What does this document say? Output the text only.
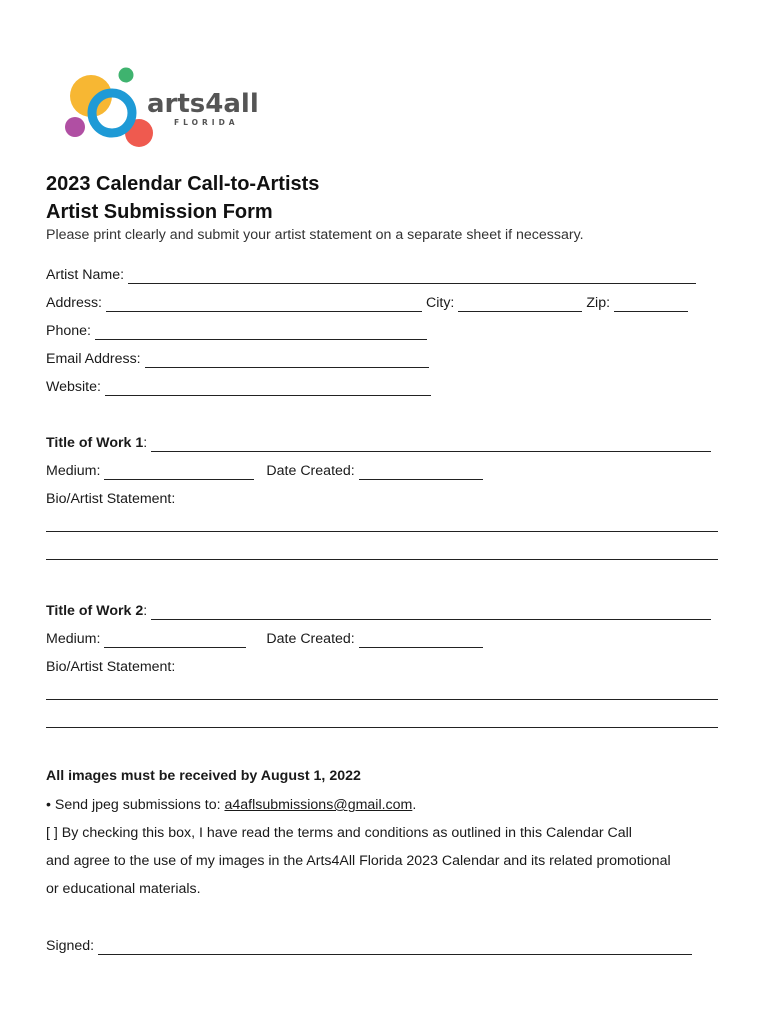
arts4all
FLORIDA
2023 Calendar Call-to-Artists
Artist Submission Form
Please print clearly and submit your artist statement on a separate sheet if necessary.
Artist Name:
Address:	City:	Zip:
Phone:
Email Address:
Website:
Title of Work 1 :
Medium:	Date Created:
Bio/Artist Statement:
Title of Work 2 :
Medium:	Date Created:
Bio/Artist Statement:
All images must be received by August 1, 2022
• Send jpeg submissions to: a4aflsubmissions@gmail.com.
[ ] By checking this box, I have read the terms and conditions as outlined in this Calendar Call
and agree to the use of my images in the Arts4All Florida 2023 Calendar and its related promotional
or educational materials.
Signed:
